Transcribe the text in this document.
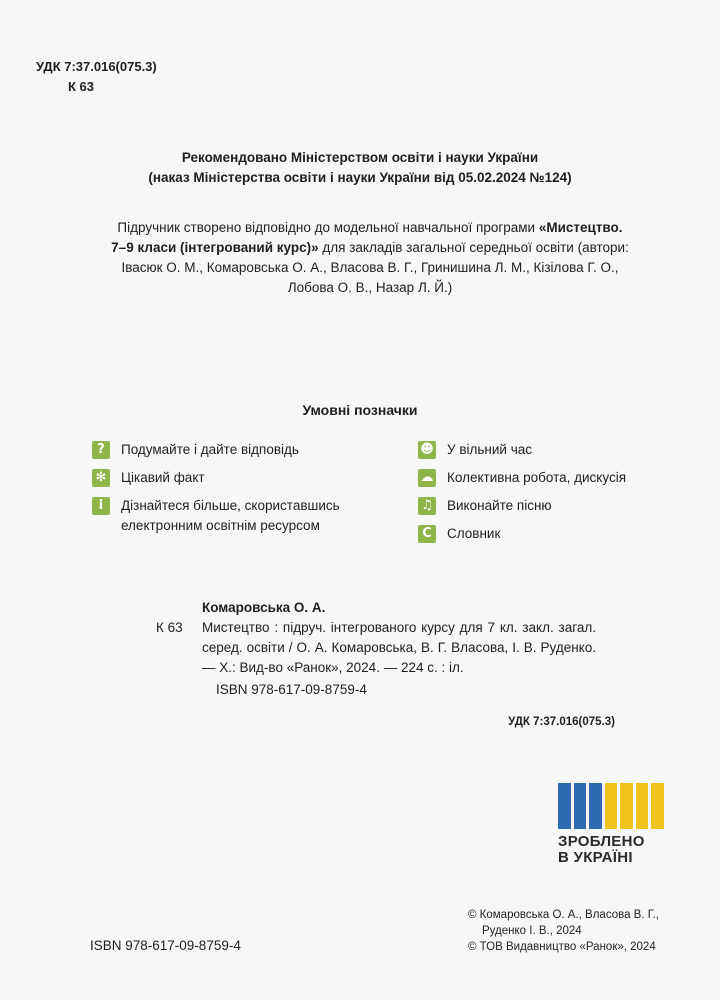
УДК 7:37.016(075.3)
К 63
Рекомендовано Міністерством освіти і науки України
(наказ Міністерства освіти і науки України від 05.02.2024 №124)
Підручник створено відповідно до модельної навчальної програми «Мистецтво. 7–9 класи (інтегрований курс)» для закладів загальної середньої освіти (автори: Івасюк О. М., Комаровська О. А., Власова В. Г., Гринишина Л. М., Кізілова Г. О., Лобова О. В., Назар Л. Й.)
Умовні позначки
?	Подумайте і дайте відповідь
✻ Цікавий факт
i	Дізнайтеся більше, скориставшись
електронним освітнім ресурсом
☻ У вільний час
☁ Колективна робота, дискусія
♫ Виконайте пісню
С	Словник
Комаровська О. А.
К 63	Мистецтво : підруч. інтегрованого курсу для 7 кл. закл. загал. серед. освіти / О. А. Комаровська, В. Г. Власова, І. В. Руденко. — Х.: Вид-во «Ранок», 2024. — 224 с. : іл.
ISBN 978-617-09-8759-4
УДК 7:37.016(075.3)
ЗРОБЛЕНО
В УКРАЇНІ
© Комаровська О. А., Власова В. Г.,
Руденко І. В., 2024
© ТОВ Видавництво «Ранок», 2024
ISBN 978-617-09-8759-4
